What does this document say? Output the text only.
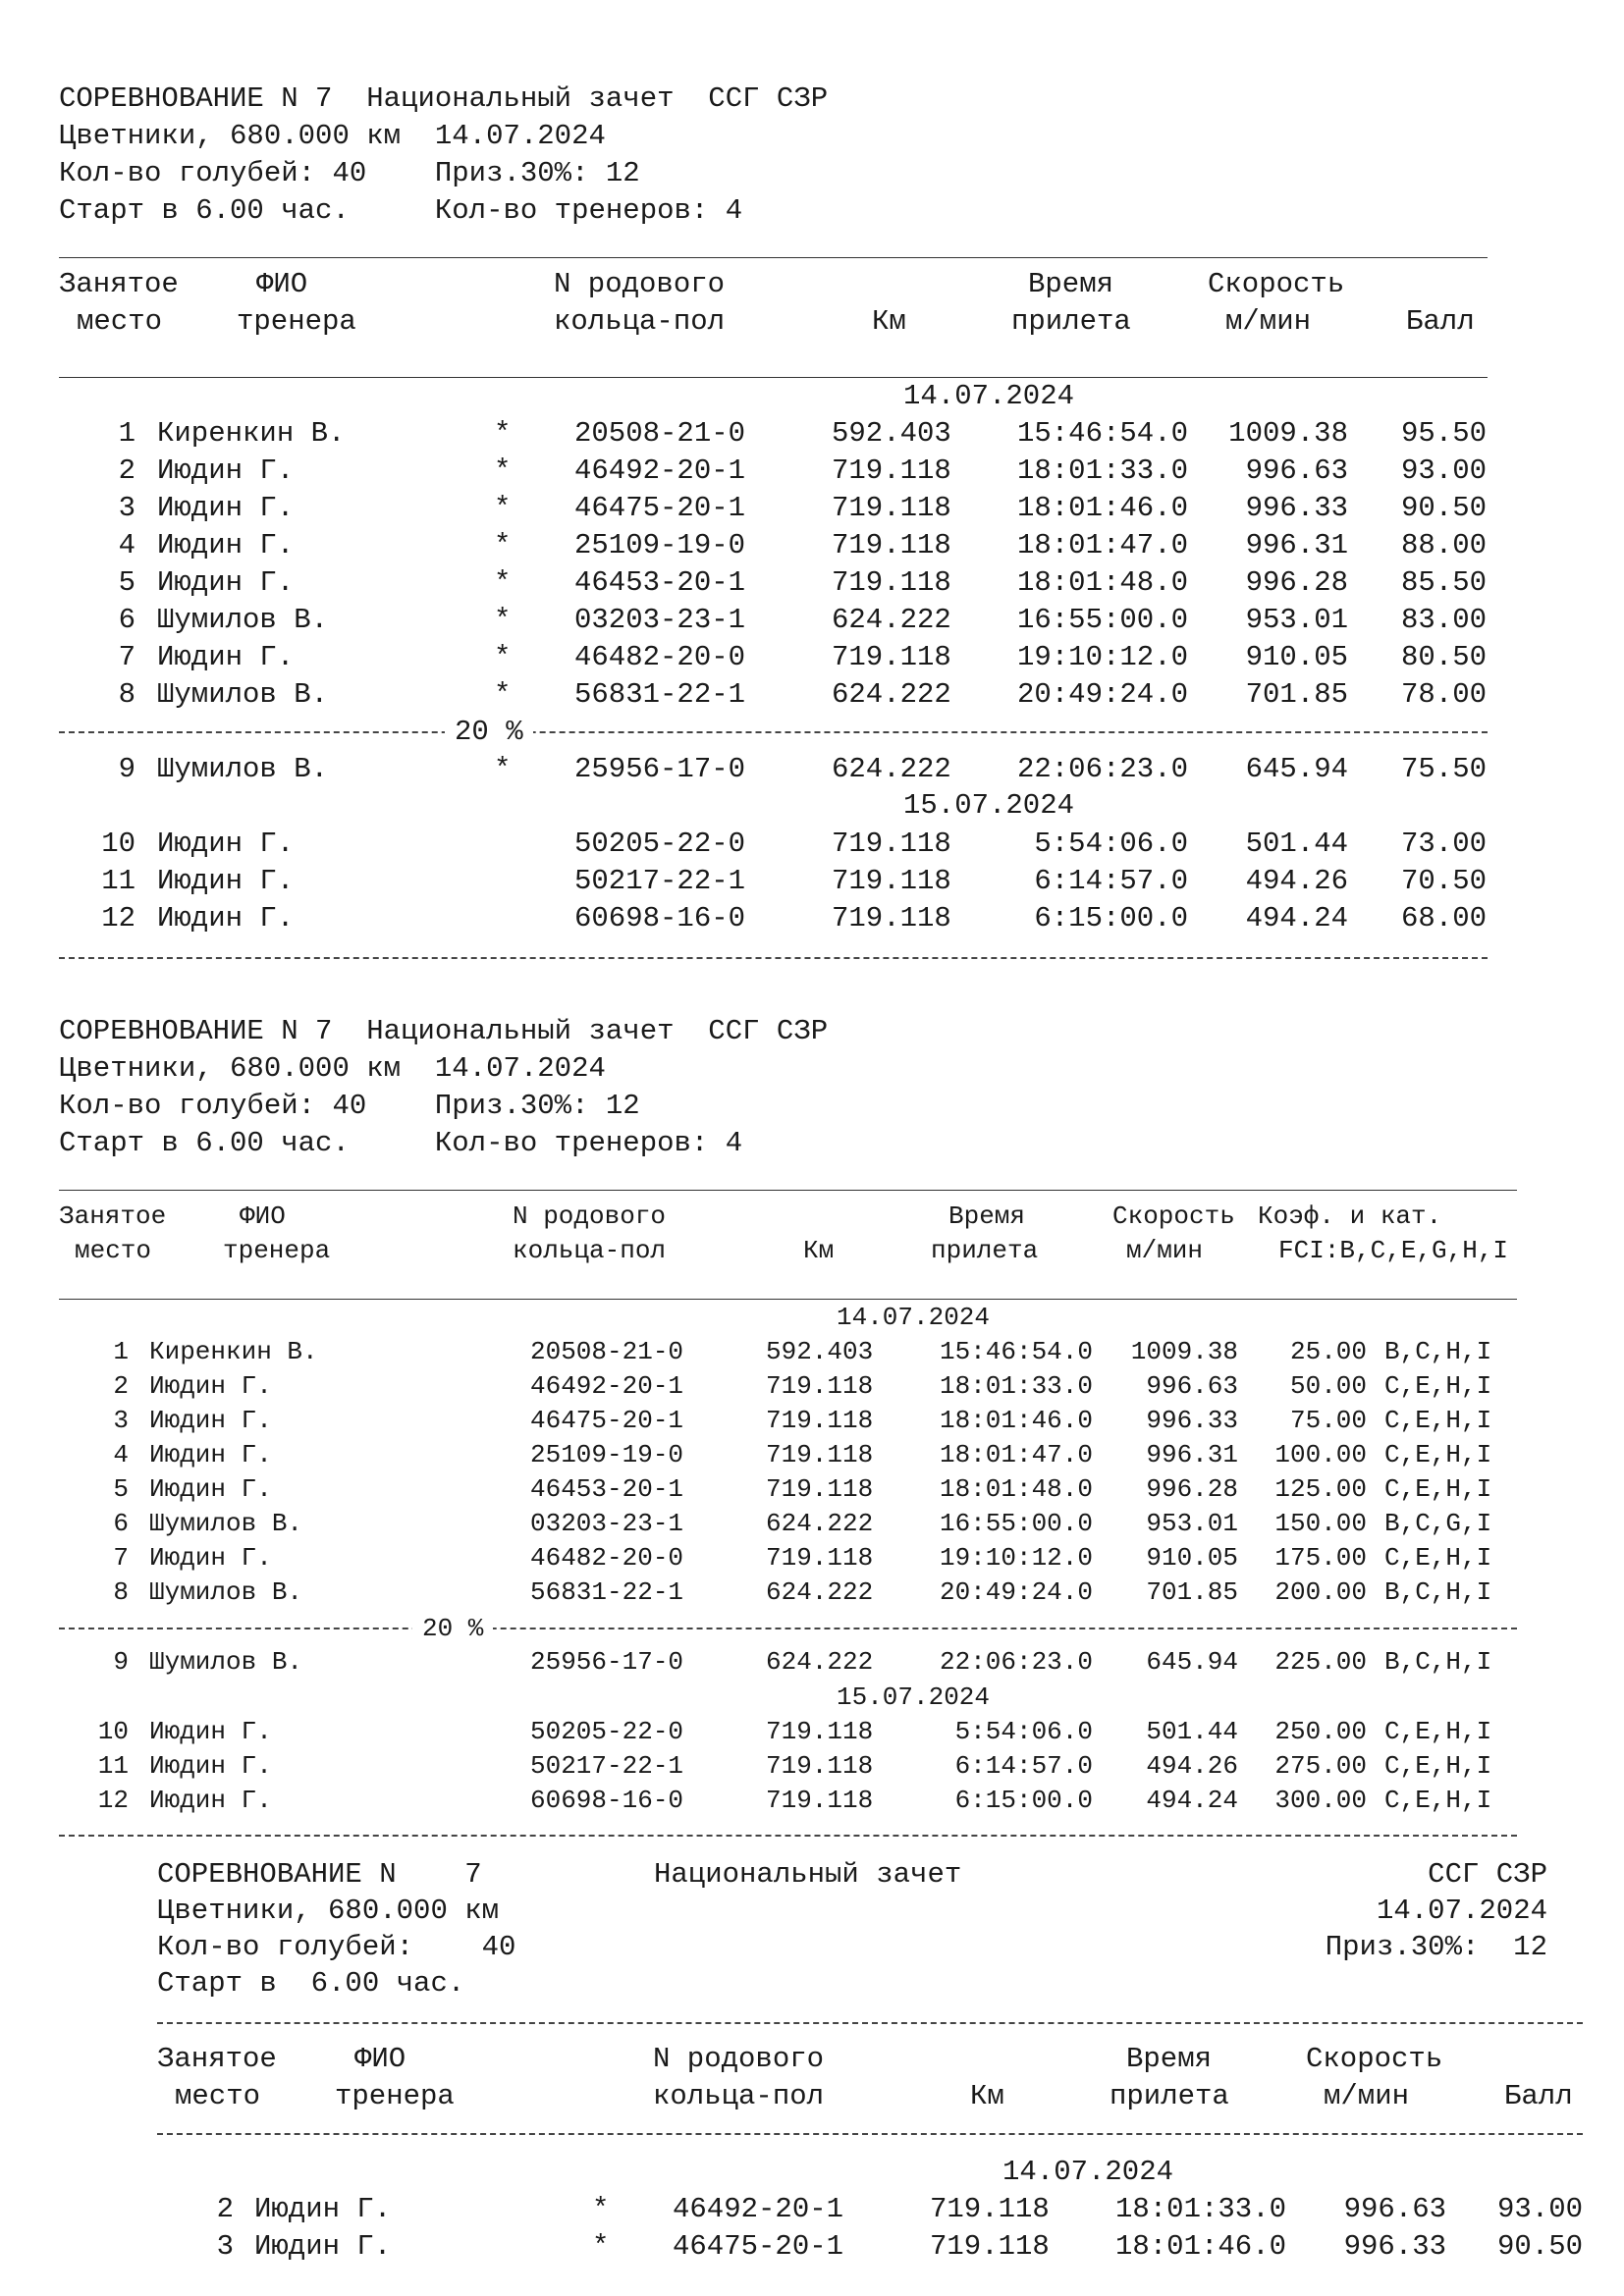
СОРЕВНОВАНИЕ N 7  Национальный зачет  ССГ СЗР
Цветники, 680.000 км  14.07.2024
Кол-во голубей: 40    Приз.30%: 12
Старт в 6.00 час.     Кол-во тренеров: 4
Занятое
место
ФИО
тренера
N родового
кольца-пол	Км
Время
прилета
Скорость
м/мин	Балл
14.07.2024
1 Киренкин В.	* 20508-21-0	592.403	15:46:54.0	1009.38	95.50
2 Июдин Г.	* 46492-20-1	719.118	18:01:33.0	996.63	93.00
3 Июдин Г.	* 46475-20-1	719.118	18:01:46.0	996.33	90.50
4 Июдин Г.	* 25109-19-0	719.118	18:01:47.0	996.31	88.00
5 Июдин Г.	* 46453-20-1	719.118	18:01:48.0	996.28	85.50
6 Шумилов В.	* 03203-23-1	624.222	16:55:00.0	953.01	83.00
7 Июдин Г.	* 46482-20-0	719.118	19:10:12.0	910.05	80.50
8 Шумилов В.	* 56831-22-1	624.222	20:49:24.0	701.85	78.00
9 Шумилов В.	* 25956-17-0	624.222	22:06:23.0	645.94	75.50
10 Июдин Г.	50205-22-0	719.118	5:54:06.0	501.44	73.00
11 Июдин Г.	50217-22-1	719.118	6:14:57.0	494.26	70.50
12 Июдин Г.	60698-16-0	719.118	6:15:00.0	494.24	68.00
20 %
15.07.2024
СОРЕВНОВАНИЕ N 7  Национальный зачет  ССГ СЗР
Цветники, 680.000 км  14.07.2024
Кол-во голубей: 40    Приз.30%: 12
Старт в 6.00 час.     Кол-во тренеров: 4
Занятое
место
ФИО
тренера
N родового
кольца-пол	Км
Время
прилета
Скорость
м/мин
Коэф. и кат.
FCI:B,C,E,G,H,I
14.07.2024
1 Киренкин В.	20508-21-0	592.403	15:46:54.0	1009.38	25.00 B,C,H,I
2 Июдин Г.	46492-20-1	719.118	18:01:33.0	996.63	50.00 C,E,H,I
3 Июдин Г.	46475-20-1	719.118	18:01:46.0	996.33	75.00 C,E,H,I
4 Июдин Г.	25109-19-0	719.118	18:01:47.0	996.31	100.00 C,E,H,I
5 Июдин Г.	46453-20-1	719.118	18:01:48.0	996.28	125.00 C,E,H,I
6 Шумилов В.	03203-23-1	624.222	16:55:00.0	953.01	150.00 B,C,G,I
7 Июдин Г.	46482-20-0	719.118	19:10:12.0	910.05	175.00 C,E,H,I
8 Шумилов В.	56831-22-1	624.222	20:49:24.0	701.85	200.00 B,C,H,I
9 Шумилов В.	25956-17-0	624.222	22:06:23.0	645.94	225.00 B,C,H,I
10 Июдин Г.	50205-22-0	719.118	5:54:06.0	501.44	250.00 C,E,H,I
11 Июдин Г.	50217-22-1	719.118	6:14:57.0	494.26	275.00 C,E,H,I
12 Июдин Г.	60698-16-0	719.118	6:15:00.0	494.24	300.00 C,E,H,I
20 %
15.07.2024
СОРЕВНОВАНИЕ N    7	Национальный зачет	ССГ СЗР
Цветники, 680.000 км	14.07.2024
Кол-во голубей:    40	Приз.30%:  12
Старт в  6.00 час.
Занятое
место
ФИО
тренера
N родового
кольца-пол	Км
Время
прилета
Скорость
м/мин	Балл
14.07.2024
2 Июдин Г.	* 46492-20-1	719.118	18:01:33.0	996.63	93.00
3 Июдин Г.	* 46475-20-1	719.118	18:01:46.0	996.33	90.50
